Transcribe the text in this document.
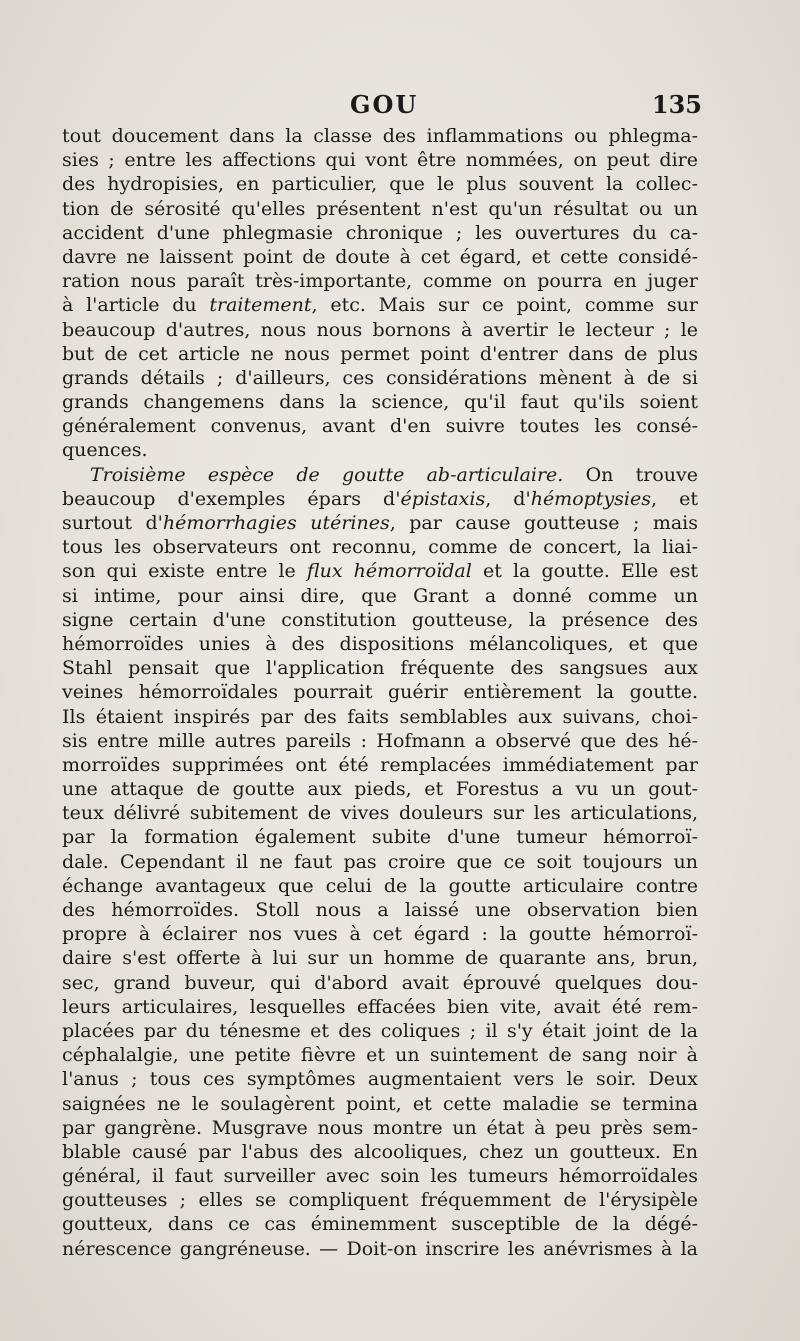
GOU	135
tout doucement dans la classe des inflammations ou phlegma-
sies ; entre les affections qui vont être nommées, on peut dire
des hydropisies, en particulier, que le plus souvent la collec-
tion de sérosité qu'elles présentent n'est qu'un résultat ou un
accident d'une phlegmasie chronique ; les ouvertures du ca-
davre ne laissent point de doute à cet égard, et cette considé-
ration nous paraît très-importante, comme on pourra en juger
à l'article du traitement, etc. Mais sur ce point, comme sur
beaucoup d'autres, nous nous bornons à avertir le lecteur ; le
but de cet article ne nous permet point d'entrer dans de plus
grands détails ; d'ailleurs, ces considérations mènent à de si
grands changemens dans la science, qu'il faut qu'ils soient
généralement convenus, avant d'en suivre toutes les consé-
quences.
Troisième espèce de goutte ab-articulaire. On trouve
beaucoup d'exemples épars d'épistaxis, d'hémoptysies, et
surtout d'hémorrhagies utérines, par cause goutteuse ; mais
tous les observateurs ont reconnu, comme de concert, la liai-
son qui existe entre le flux hémorroïdal et la goutte. Elle est
si intime, pour ainsi dire, que Grant a donné comme un
signe certain d'une constitution goutteuse, la présence des
hémorroïdes unies à des dispositions mélancoliques, et que
Stahl pensait que l'application fréquente des sangsues aux
veines hémorroïdales pourrait guérir entièrement la goutte.
Ils étaient inspirés par des faits semblables aux suivans, choi-
sis entre mille autres pareils : Hofmann a observé que des hé-
morroïdes supprimées ont été remplacées immédiatement par
une attaque de goutte aux pieds, et Forestus a vu un gout-
teux délivré subitement de vives douleurs sur les articulations,
par la formation également subite d'une tumeur hémorroï-
dale. Cependant il ne faut pas croire que ce soit toujours un
échange avantageux que celui de la goutte articulaire contre
des hémorroïdes. Stoll nous a laissé une observation bien
propre à éclairer nos vues à cet égard : la goutte hémorroï-
daire s'est offerte à lui sur un homme de quarante ans, brun,
sec, grand buveur, qui d'abord avait éprouvé quelques dou-
leurs articulaires, lesquelles effacées bien vite, avait été rem-
placées par du ténesme et des coliques ; il s'y était joint de la
céphalalgie, une petite fièvre et un suintement de sang noir à
l'anus ; tous ces symptômes augmentaient vers le soir. Deux
saignées ne le soulagèrent point, et cette maladie se termina
par gangrène. Musgrave nous montre un état à peu près sem-
blable causé par l'abus des alcooliques, chez un goutteux. En
général, il faut surveiller avec soin les tumeurs hémorroïdales
goutteuses ; elles se compliquent fréquemment de l'érysipèle
goutteux, dans ce cas éminemment susceptible de la dégé-
nérescence gangréneuse. — Doit-on inscrire les anévrismes à la
